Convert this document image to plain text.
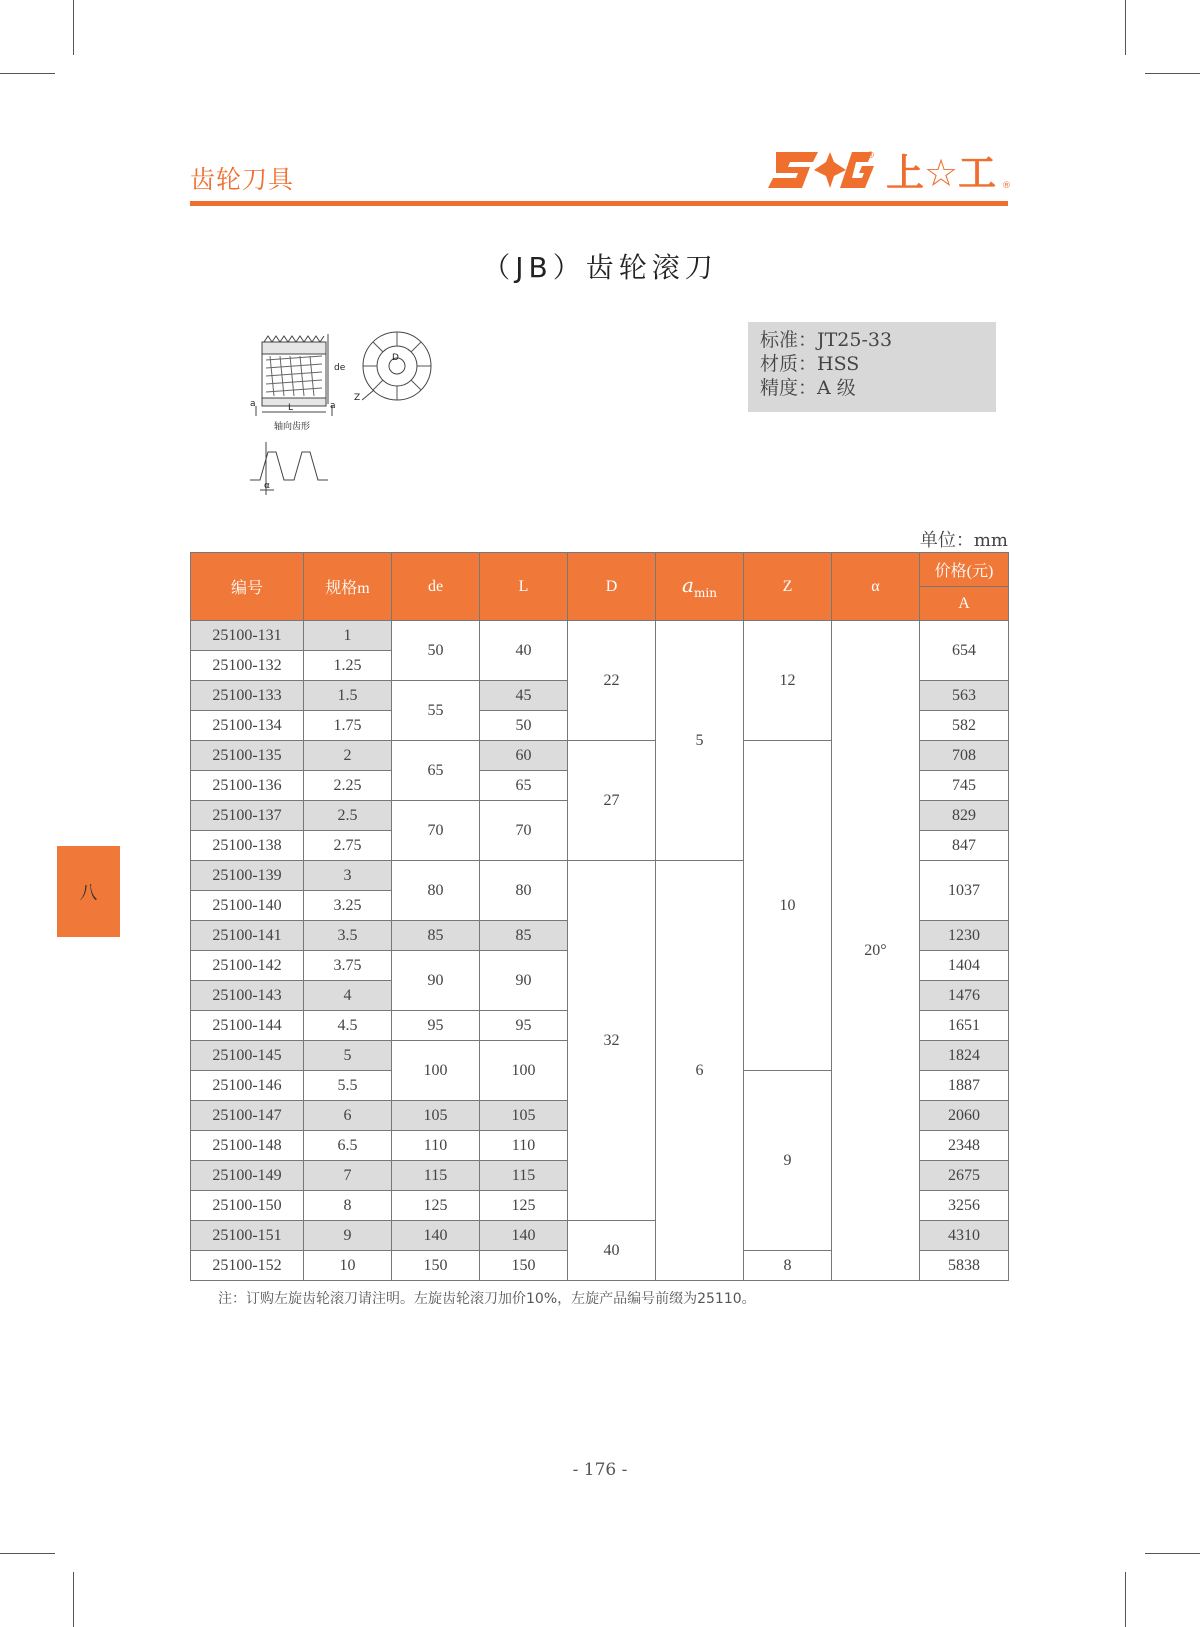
齿轮刀具
® 上☆工 ®
（JB）齿轮滚刀
a	L	a
de
D
Z
轴向齿形
α
标准：JT25-33
材质：HSS
精度：A 级
单位：mm
编号	规格m	de	L	D	$a_{min}$	Z	α	价格(元)
								A
25100-131	1	50	40	22	5	12	20°	654
25100-132	1.25							
25100-133	1.5	55	45					563
25100-134	1.75		50					582
25100-135	2	65	60	27		10		708
25100-136	2.25		65					745
25100-137	2.5	70	70					829
25100-138	2.75							847
25100-139	3	80	80	32	6			1037
25100-140	3.25							
25100-141	3.5	85	85					1230
25100-142	3.75	90	90					1404
25100-143	4							1476
25100-144	4.5	95	95					1651
25100-145	5	100	100					1824
25100-146	5.5					9		1887
25100-147	6	105	105					2060
25100-148	6.5	110	110					2348
25100-149	7	115	115					2675
25100-150	8	125	125					3256
25100-151	9	140	140	40				4310
25100-152	10	150	150			8		5838
注：订购左旋齿轮滚刀请注明。左旋齿轮滚刀加价10%，左旋产品编号前缀为25110。
八
- 176 -
